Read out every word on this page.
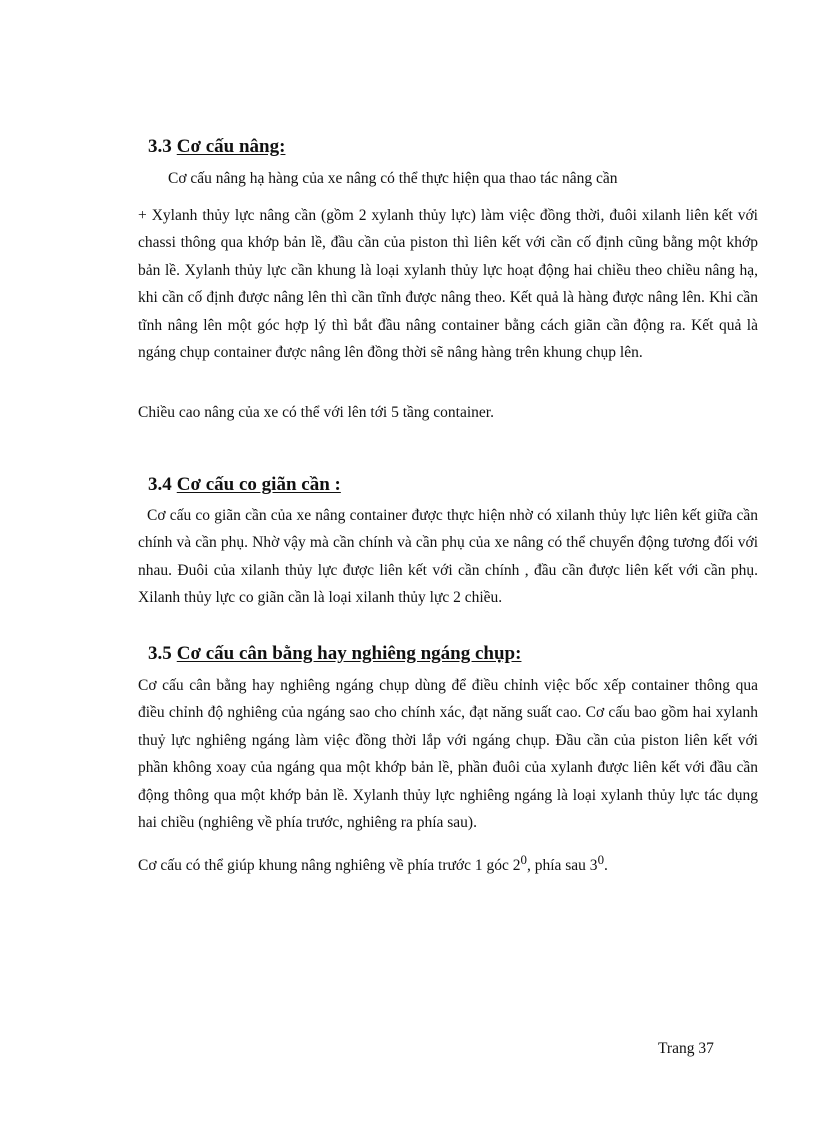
3.3 Cơ cấu nâng:

Cơ cấu nâng hạ hàng của xe nâng có thể thực hiện qua thao tác nâng cần

+ Xylanh thủy lực nâng cần (gồm 2 xylanh thủy lực) làm việc đồng thời, đuôi xilanh liên kết với chassi thông qua khớp bản lề, đầu cần của piston thì liên kết với cần cố định cũng bằng một khớp bản lề. Xylanh thủy lực cần khung là loại xylanh thủy lực hoạt động hai chiều theo chiều nâng hạ, khi cần cố định được nâng lên thì cần tĩnh được nâng theo. Kết quả là hàng được nâng lên. Khi cần tĩnh nâng lên một góc hợp lý thì bắt đầu nâng container bằng cách giãn cần động ra. Kết quả là ngáng chụp container được nâng lên đồng thời sẽ nâng hàng trên khung chụp lên.

Chiều cao nâng của xe có thể với lên tới 5 tầng container.

3.4 Cơ cấu co giãn cần :

Cơ cấu co giãn cần của xe nâng container được thực hiện nhờ có xilanh thủy lực liên kết giữa cần chính và cần phụ. Nhờ vậy mà cần chính và cần phụ của xe nâng có thể chuyển động tương đối với nhau. Đuôi của xilanh thủy lực được liên kết với cần chính , đầu cần được liên kết với cần phụ. Xilanh thủy lực co giãn cần là loại xilanh thủy lực 2 chiều.

3.5 Cơ cấu cân bằng hay nghiêng ngáng chụp:

Cơ cấu cân bằng hay nghiêng ngáng chụp dùng để điều chỉnh việc bốc xếp container thông qua điều chỉnh độ nghiêng của ngáng sao cho chính xác, đạt năng suất cao. Cơ cấu bao gồm hai xylanh thuỷ lực nghiêng ngáng làm việc đồng thời lắp với ngáng chụp. Đầu cần của piston liên kết với phần không xoay của ngáng qua một khớp bản lề, phần đuôi của xylanh được liên kết với đầu cần động thông qua một khớp bản lề. Xylanh thủy lực nghiêng ngáng là loại xylanh thủy lực tác dụng hai chiều (nghiêng về phía trước, nghiêng ra phía sau).

Cơ cấu có thể giúp khung nâng nghiêng về phía trước 1 góc $2^0$, phía sau $3^0$.

Trang 37
